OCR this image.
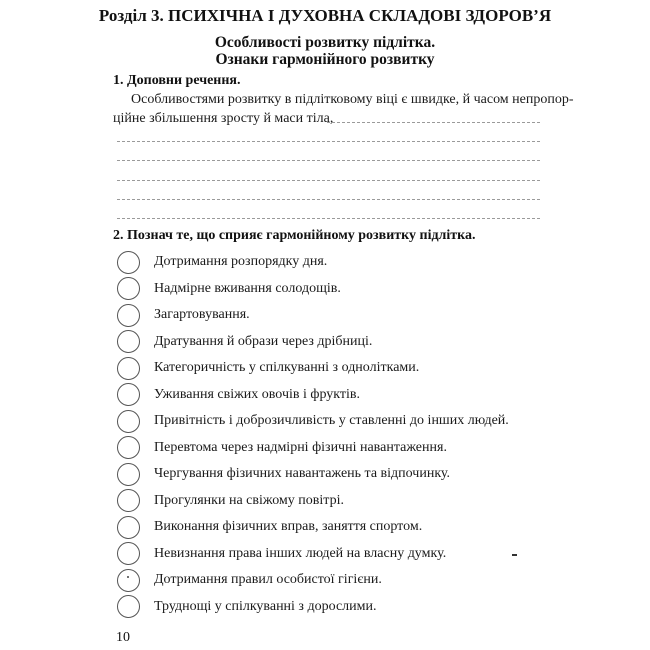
Розділ 3. ПСИХІЧНА І ДУХОВНА СКЛАДОВІ ЗДОРОВ’Я
Особливості розвитку підлітка.
Ознаки гармонійного розвитку
1. Доповни речення.
Особливостями розвитку в підлітковому віці є швидке, й часом непропор-
ційне збільшення зросту й маси тіла,
2. Познач те, що сприяє гармонійному розвитку підлітка.
Дотримання розпорядку дня.
Надмірне вживання солодощів.
Загартовування.
Дратування й образи через дрібниці.
Категоричність у спілкуванні з однолітками.
Уживання свіжих овочів і фруктів.
Привітність і доброзичливість у ставленні до інших людей.
Перевтома через надмірні фізичні навантаження.
Чергування фізичних навантажень та відпочинку.
Прогулянки на свіжому повітрі.
Виконання фізичних вправ, заняття спортом.
Невизнання права інших людей на власну думку.
Дотримання правил особистої гігієни.
Труднощі у спілкуванні з дорослими.
10
